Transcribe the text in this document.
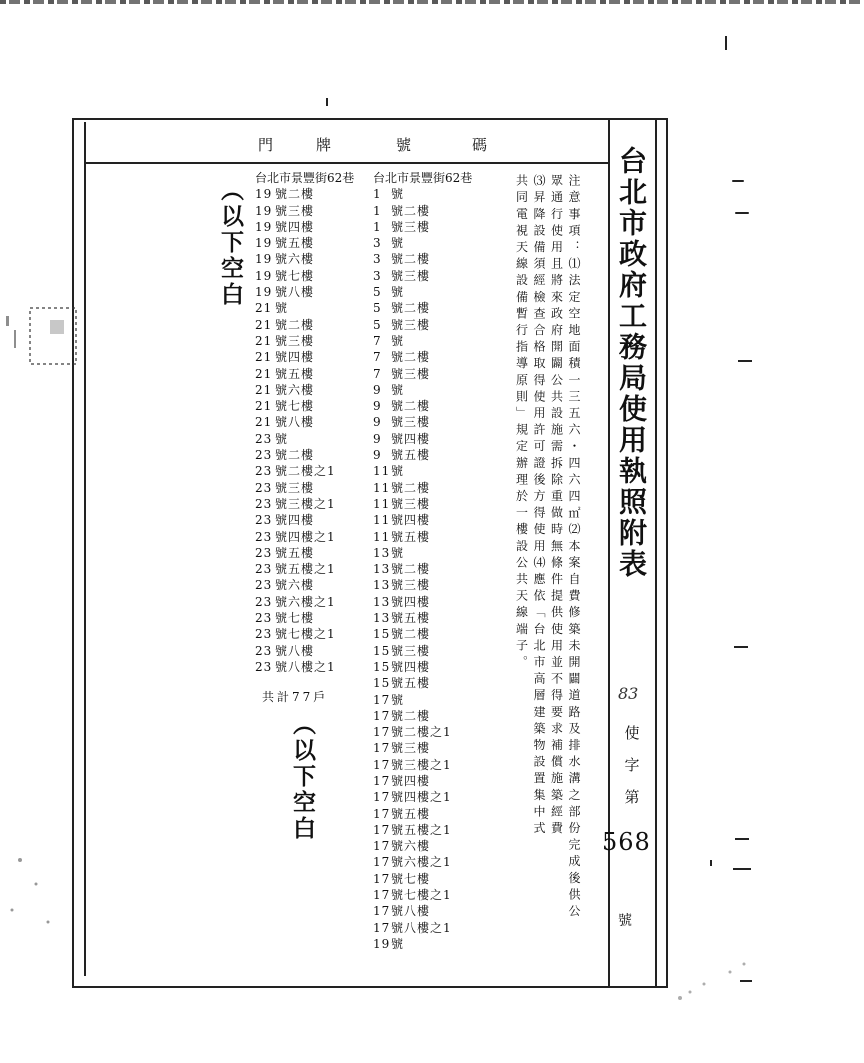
門	牌	號	碼
（以下空白
（以下空白
台北市景豐街62巷
19 號二樓
19 號三樓
19 號四樓
19 號五樓
19 號六樓
19 號七樓
19 號八樓
21 號
21 號二樓
21 號三樓
21 號四樓
21 號五樓
21 號六樓
21 號七樓
21 號八樓
23 號
23 號二樓
23 號二樓之1
23 號三樓
23 號三樓之1
23 號四樓
23 號四樓之1
23 號五樓
23 號五樓之1
23 號六樓
23 號六樓之1
23 號七樓
23 號七樓之1
23 號八樓
23 號八樓之1
共計77戶
台北市景豐街62巷
1 號
1 號二樓
1 號三樓
3 號
3 號二樓
3 號三樓
5 號
5 號二樓
5 號三樓
7 號
7 號二樓
7 號三樓
9 號
9 號二樓
9 號三樓
9 號四樓
9 號五樓
11號
11號二樓
11號三樓
11號四樓
11號五樓
13號
13號二樓
13號三樓
13號四樓
13號五樓
15號二樓
15號三樓
15號四樓
15號五樓
17號
17號二樓
17號二樓之1
17號三樓
17號三樓之1
17號四樓
17號四樓之1
17號五樓
17號五樓之1
17號六樓
17號六樓之1
17號七樓
17號七樓之1
17號八樓
17號八樓之1
19號

注意事項：⑴法定空地面積一三五六・四六四㎡⑵本案自費修築未開闢道路及排水溝之部份完成後供公

眾通行使用且將來政府開闢公共設施需拆除重做時無條件提供使用並不得要求補償施築經費

⑶昇降設備須經檢查合格取得使用許可證後方得使用⑷應依「台北市高層建築物設置集中式

共同電視天線設備暫行指導原則」規定辦理於一樓設公共天線端子。	台北市政府工務局使用執照附表
83
使
字
第
568
號
